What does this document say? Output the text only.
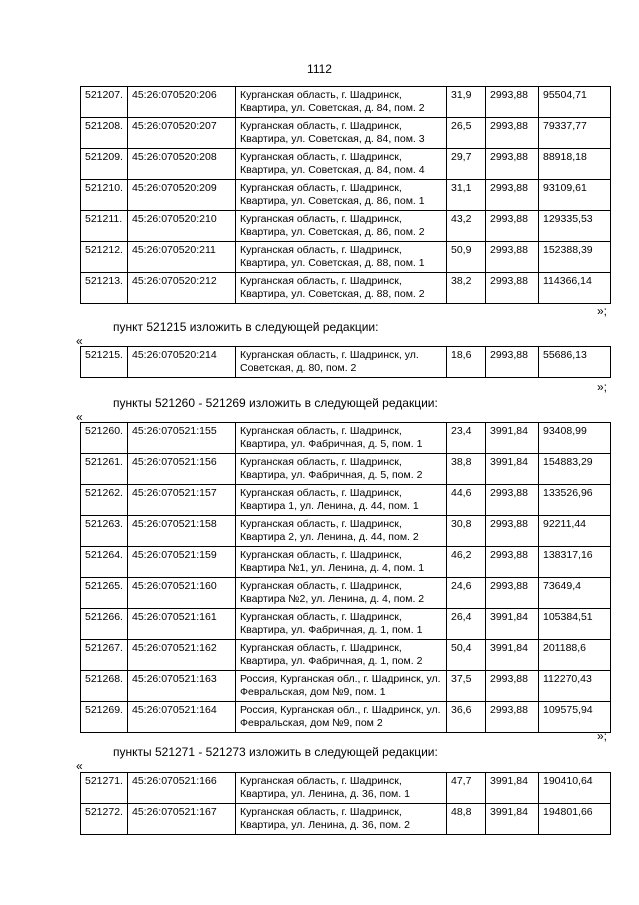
1112
521207.	45:26:070520:206	Курганская область, г. Шадринск, Квартира, ул. Советская, д. 84, пом. 2	31,9	2993,88	95504,71
521208.	45:26:070520:207	Курганская область, г. Шадринск, Квартира, ул. Советская, д. 84, пом. 3	26,5	2993,88	79337,77
521209.	45:26:070520:208	Курганская область, г. Шадринск, Квартира, ул. Советская, д. 84, пом. 4	29,7	2993,88	88918,18
521210.	45:26:070520:209	Курганская область, г. Шадринск, Квартира, ул. Советская, д. 86, пом. 1	31,1	2993,88	93109,61
521211.	45:26:070520:210	Курганская область, г. Шадринск, Квартира, ул. Советская, д. 86, пом. 2	43,2	2993,88	129335,53
521212.	45:26:070520:211	Курганская область, г. Шадринск, Квартира, ул. Советская, д. 88, пом. 1	50,9	2993,88	152388,39
521213.	45:26:070520:212	Курганская область, г. Шадринск, Квартира, ул. Советская, д. 88, пом. 2	38,2	2993,88	114366,14
»;
пункт 521215 изложить в следующей редакции:
«
521215.	45:26:070520:214	Курганская область, г. Шадринск, ул. Советская, д. 80, пом. 2	18,6	2993,88	55686,13
»;
пункты 521260 - 521269 изложить в следующей редакции:
«
521260.	45:26:070521:155	Курганская область, г. Шадринск, Квартира, ул. Фабричная, д. 5, пом. 1	23,4	3991,84	93408,99
521261.	45:26:070521:156	Курганская область, г. Шадринск, Квартира, ул. Фабричная, д. 5, пом. 2	38,8	3991,84	154883,29
521262.	45:26:070521:157	Курганская область, г. Шадринск, Квартира 1, ул. Ленина, д. 44, пом. 1	44,6	2993,88	133526,96
521263.	45:26:070521:158	Курганская область, г. Шадринск, Квартира 2, ул. Ленина, д. 44, пом. 2	30,8	2993,88	92211,44
521264.	45:26:070521:159	Курганская область, г. Шадринск, Квартира №1, ул. Ленина, д. 4, пом. 1	46,2	2993,88	138317,16
521265.	45:26:070521:160	Курганская область, г. Шадринск, Квартира №2, ул. Ленина, д. 4, пом. 2	24,6	2993,88	73649,4
521266.	45:26:070521:161	Курганская область, г. Шадринск, Квартира, ул. Фабричная, д. 1, пом. 1	26,4	3991,84	105384,51
521267.	45:26:070521:162	Курганская область, г. Шадринск, Квартира, ул. Фабричная, д. 1, пом. 2	50,4	3991,84	201188,6
521268.	45:26:070521:163	Россия, Курганская обл., г. Шадринск, ул. Февральская, дом №9, пом. 1	37,5	2993,88	112270,43
521269.	45:26:070521:164	Россия, Курганская обл., г. Шадринск, ул. Февральская, дом №9, пом 2	36,6	2993,88	109575,94
»;
пункты 521271 - 521273 изложить в следующей редакции:
«
521271.	45:26:070521:166	Курганская область, г. Шадринск, Квартира, ул. Ленина, д. 36, пом. 1	47,7	3991,84	190410,64
521272.	45:26:070521:167	Курганская область, г. Шадринск, Квартира, ул. Ленина, д. 36, пом. 2	48,8	3991,84	194801,66
